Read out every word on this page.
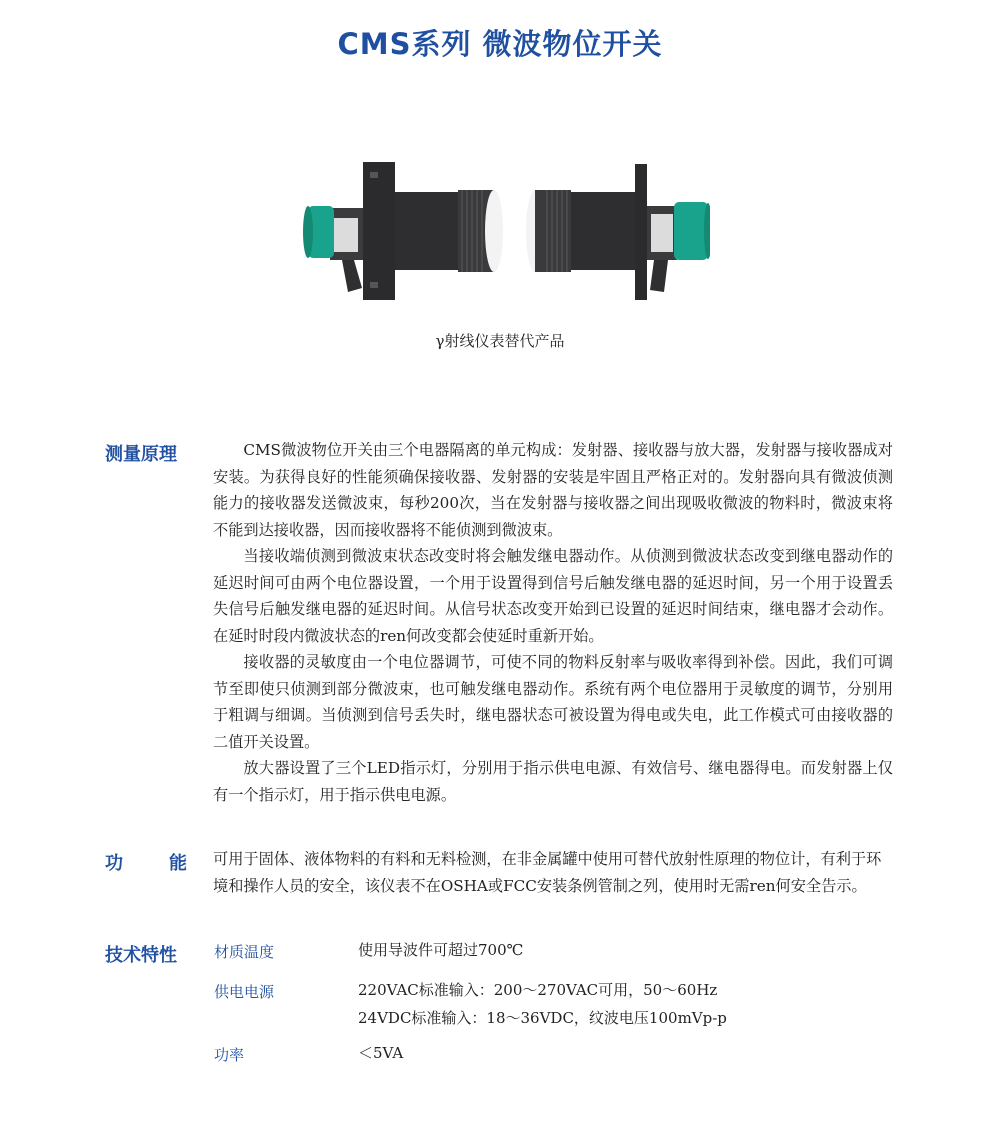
CMS系列 微波物位开关
γ射线仪表替代产品
测量原理	CMS微波物位开关由三个电器隔离的单元构成：发射器、接收器与放大器，发射器与接收器成对安装。为获得良好的性能须确保接收器、发射器的安装是牢固且严格正对的。发射器向具有微波侦测能力的接收器发送微波束，每秒200次，当在发射器与接收器之间出现吸收微波的物料时，微波束将不能到达接收器，因而接收器将不能侦测到微波束。

当接收端侦测到微波束状态改变时将会触发继电器动作。从侦测到微波状态改变到继电器动作的延迟时间可由两个电位器设置，一个用于设置得到信号后触发继电器的延迟时间，另一个用于设置丢失信号后触发继电器的延迟时间。从信号状态改变开始到已设置的延迟时间结束，继电器才会动作。在延时时段内微波状态的ren何改变都会使延时重新开始。

接收器的灵敏度由一个电位器调节，可使不同的物料反射率与吸收率得到补偿。因此，我们可调节至即使只侦测到部分微波束，也可触发继电器动作。系统有两个电位器用于灵敏度的调节，分别用于粗调与细调。当侦测到信号丢失时，继电器状态可被设置为得电或失电，此工作模式可由接收器的二值开关设置。

放大器设置了三个LED指示灯，分别用于指示供电电源、有效信号、继电器得电。而发射器上仅有一个指示灯，用于指示供电电源。

功	能 可用于固体、液体物料的有料和无料检测，在非金属罐中使用可替代放射性原理的物位计，有利于环境和操作人员的安全，该仪表不在OSHA或FCC安装条例管制之列，使用时无需ren何安全告示。
技术特性	材质温度	使用导波件可超过700℃
供电电源	220VAC标准输入：200～270VAC可用，50～60Hz
24VDC标准输入：18～36VDC，纹波电压100mVp-p
功率	＜5VA
